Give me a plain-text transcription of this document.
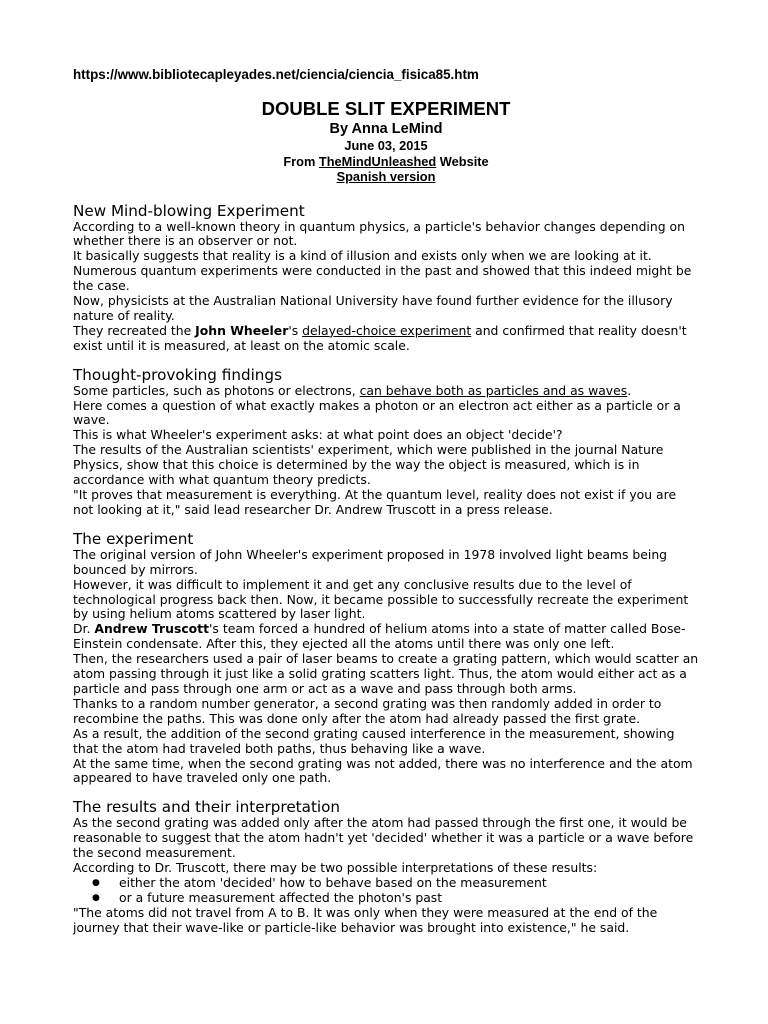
https://www.bibliotecapleyades.net/ciencia/ciencia_fisica85.htm

DOUBLE SLIT EXPERIMENT

By Anna LeMind

June 03, 2015

From TheMindUnleashed Website

Spanish version

New Mind-blowing Experiment

According to a well-known theory in quantum physics, a particle's behavior changes depending on whether there is an observer or not.

It basically suggests that reality is a kind of illusion and exists only when we are looking at it.

Numerous quantum experiments were conducted in the past and showed that this indeed might be the case.

Now, physicists at the Australian National University have found further evidence for the illusory nature of reality.

They recreated the John Wheeler's delayed-choice experiment and confirmed that reality doesn't exist until it is measured, at least on the atomic scale.

Thought-provoking findings

Some particles, such as photons or electrons, can behave both as particles and as waves.

Here comes a question of what exactly makes a photon or an electron act either as a particle or a wave.

This is what Wheeler's experiment asks: at what point does an object 'decide'?

The results of the Australian scientists' experiment, which were published in the journal Nature Physics, show that this choice is determined by the way the object is measured, which is in accordance with what quantum theory predicts.

"It proves that measurement is everything. At the quantum level, reality does not exist if you are not looking at it," said lead researcher Dr. Andrew Truscott in a press release.

The experiment

The original version of John Wheeler's experiment proposed in 1978 involved light beams being bounced by mirrors.

However, it was difficult to implement it and get any conclusive results due to the level of technological progress back then. Now, it became possible to successfully recreate the experiment by using helium atoms scattered by laser light.

Dr. Andrew Truscott's team forced a hundred of helium atoms into a state of matter called Bose-Einstein condensate. After this, they ejected all the atoms until there was only one left.

Then, the researchers used a pair of laser beams to create a grating pattern, which would scatter an atom passing through it just like a solid grating scatters light. Thus, the atom would either act as a particle and pass through one arm or act as a wave and pass through both arms.

Thanks to a random number generator, a second grating was then randomly added in order to recombine the paths. This was done only after the atom had already passed the first grate.

As a result, the addition of the second grating caused interference in the measurement, showing that the atom had traveled both paths, thus behaving like a wave.

At the same time, when the second grating was not added, there was no interference and the atom appeared to have traveled only one path.

The results and their interpretation

As the second grating was added only after the atom had passed through the first one, it would be reasonable to suggest that the atom hadn't yet 'decided' whether it was a particle or a wave before the second measurement.

According to Dr. Truscott, there may be two possible interpretations of these results:

● either the atom 'decided' how to behave based on the measurement
● or a future measurement affected the photon's past

"The atoms did not travel from A to B. It was only when they were measured at the end of the journey that their wave-like or particle-like behavior was brought into existence," he said.
